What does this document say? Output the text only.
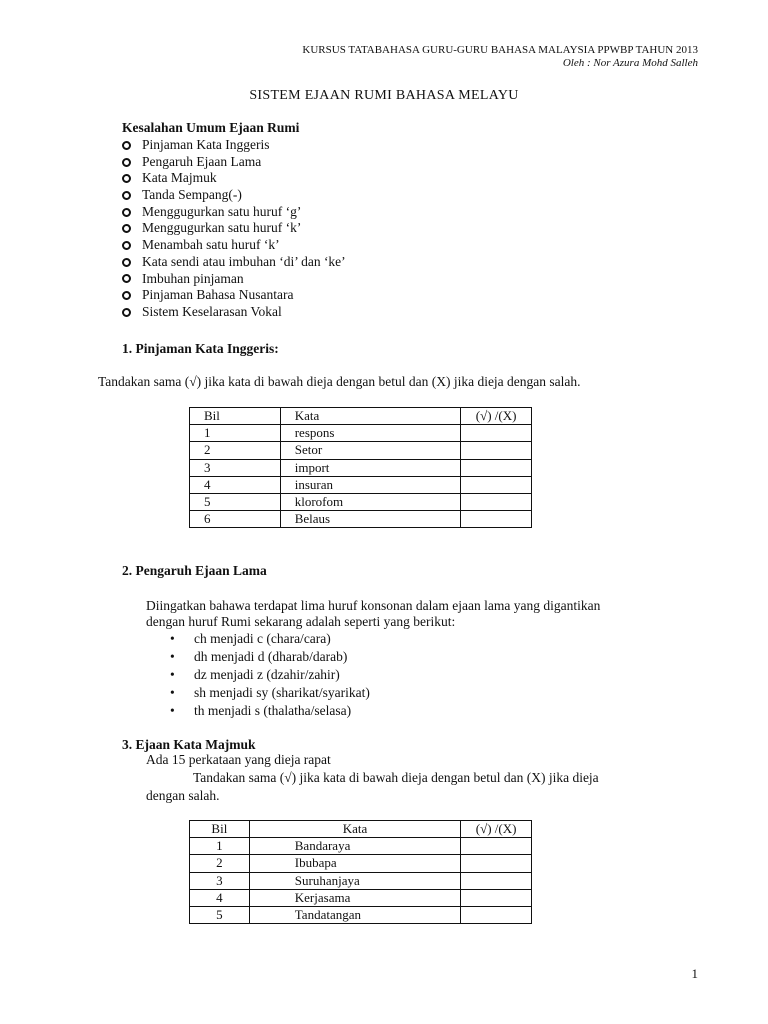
KURSUS TATABAHASA GURU-GURU BAHASA MALAYSIA PPWBP TAHUN 2013
Oleh : Nor Azura Mohd Salleh
SISTEM EJAAN RUMI BAHASA MELAYU
Kesalahan Umum Ejaan Rumi
Pinjaman Kata Inggeris
Pengaruh Ejaan Lama
Kata Majmuk
Tanda Sempang(-)
Menggugurkan satu huruf ‘g’
Menggugurkan satu huruf ‘k’
Menambah satu huruf ‘k’
Kata sendi atau imbuhan ‘di’ dan ‘ke’
Imbuhan pinjaman
Pinjaman Bahasa Nusantara
Sistem Keselarasan Vokal
1. Pinjaman Kata Inggeris:
Tandakan sama (√) jika kata di bawah dieja dengan betul dan (X) jika dieja dengan salah.
Bil	Kata	(√) /(X)
1	respons	
2	Setor	
3	import	
4	insuran	
5	klorofom	
6	Belaus	
2. Pengaruh Ejaan Lama
Diingatkan bahawa terdapat lima huruf konsonan dalam ejaan lama yang digantikan
dengan huruf Rumi sekarang adalah seperti yang berikut:
• ch menjadi c (chara/cara)
• dh menjadi d (dharab/darab)
• dz menjadi z (dzahir/zahir)
• sh menjadi sy (sharikat/syarikat)
• th menjadi s (thalatha/selasa)
3. Ejaan Kata Majmuk
Ada 15 perkataan yang dieja rapat
Tandakan sama (√) jika kata di bawah dieja dengan betul dan (X) jika dieja
dengan salah.
Bil	Kata	(√) /(X)
1	Bandaraya	
2	Ibubapa	
3	Suruhanjaya	
4	Kerjasama	
5	Tandatangan	
1
